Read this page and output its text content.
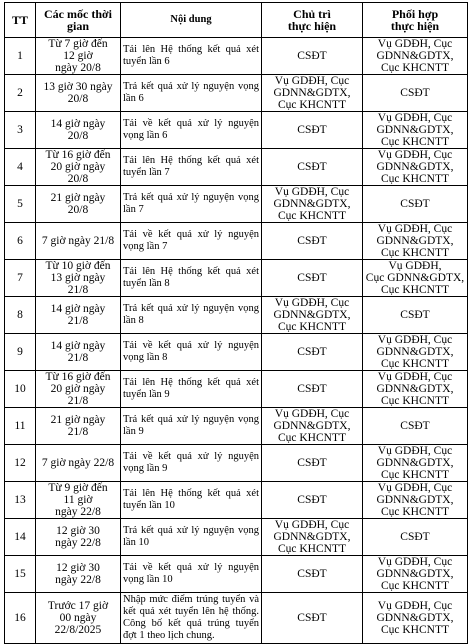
TT	Các mốc thời
gian	Nội dung	Chủ trì
thực hiện	Phối hợp
thực hiện

1	Từ 7 giờ đến
12 giờ
ngày 20/8	Tải lên Hệ thống kết quả xét tuyển lần 6	CSĐT	Vụ GDĐH, Cục
GDNN&GDTX,
Cục KHCNTT

2	13 giờ 30 ngày
20/8	Trả kết quả xử lý nguyện vọng lần 6	Vụ GDĐH, Cục
GDNN&GDTX,
Cục KHCNTT	CSĐT

3	14 giờ ngày
20/8	Tải về kết quả xử lý nguyện vọng lần 6	CSĐT	Vụ GDĐH, Cục
GDNN&GDTX,
Cục KHCNTT

4	Từ 16 giờ đến
20 giờ ngày
20/8	Tải lên Hệ thống kết quả xét tuyển lần 7	CSĐT	Vụ GDĐH, Cục
GDNN&GDTX,
Cục KHCNTT

5	21 giờ ngày
20/8	Trả kết quả xử lý nguyện vọng lần 7	Vụ GDĐH, Cục
GDNN&GDTX,
Cục KHCNTT	CSĐT

6	7 giờ ngày 21/8	Tải về kết quả xử lý nguyện vọng lần 7	CSĐT	Vụ GDĐH, Cục
GDNN&GDTX,
Cục KHCNTT

7	Từ 10 giờ đến
13 giờ ngày
21/8	Tải lên Hệ thống kết quả xét tuyển lần 8	CSĐT	Vụ GDĐH,
Cục GDNN&GDTX,
Cục KHCNTT

8	14 giờ ngày
21/8	Trả kết quả xử lý nguyện vọng lần 8	Vụ GDĐH, Cục
GDNN&GDTX,
Cục KHCNTT	CSĐT

9	14 giờ ngày
21/8	Tải về kết quả xử lý nguyện vọng lần 8	CSĐT	Vụ GDĐH, Cục
GDNN&GDTX,
Cục KHCNTT

10	Từ 16 giờ đến
20 giờ ngày
21/8	Tải lên Hệ thống kết quả xét tuyển lần 9	CSĐT	Vụ GDĐH, Cục
GDNN&GDTX,
Cục KHCNTT

11	21 giờ ngày
21/8	Trả kết quả xử lý nguyện vọng lần 9	Vụ GDĐH, Cục
GDNN&GDTX,
Cục KHCNTT	CSĐT

12	7 giờ ngày 22/8	Tải về kết quả xử lý nguyện vọng lần 9	CSĐT	Vụ GDĐH, Cục
GDNN&GDTX,
Cục KHCNTT

13	Từ 9 giờ đến
11 giờ
ngày 22/8	Tải lên Hệ thống kết quả xét tuyển lần 10	CSĐT	Vụ GDĐH, Cục
GDNN&GDTX,
Cục KHCNTT

14	12 giờ 30
ngày 22/8	Trả kết quả xử lý nguyện vọng lần 10	Vụ GDĐH, Cục
GDNN&GDTX,
Cục KHCNTT	CSĐT

15	12 giờ 30
ngày 22/8	Tải về kết quả xử lý nguyện vọng lần 10	CSĐT	Vụ GDĐH, Cục
GDNN&GDTX,
Cục KHCNTT

16	Trước 17 giờ
00 ngày
22/8/2025	Nhập mức điểm trúng tuyển và kết quả xét tuyển lên hệ thống. Công bố kết quả trúng tuyển đợt 1 theo lịch chung.	CSĐT	Vụ GDĐH, Cục
GDNN&GDTX,
Cục KHCNTT
